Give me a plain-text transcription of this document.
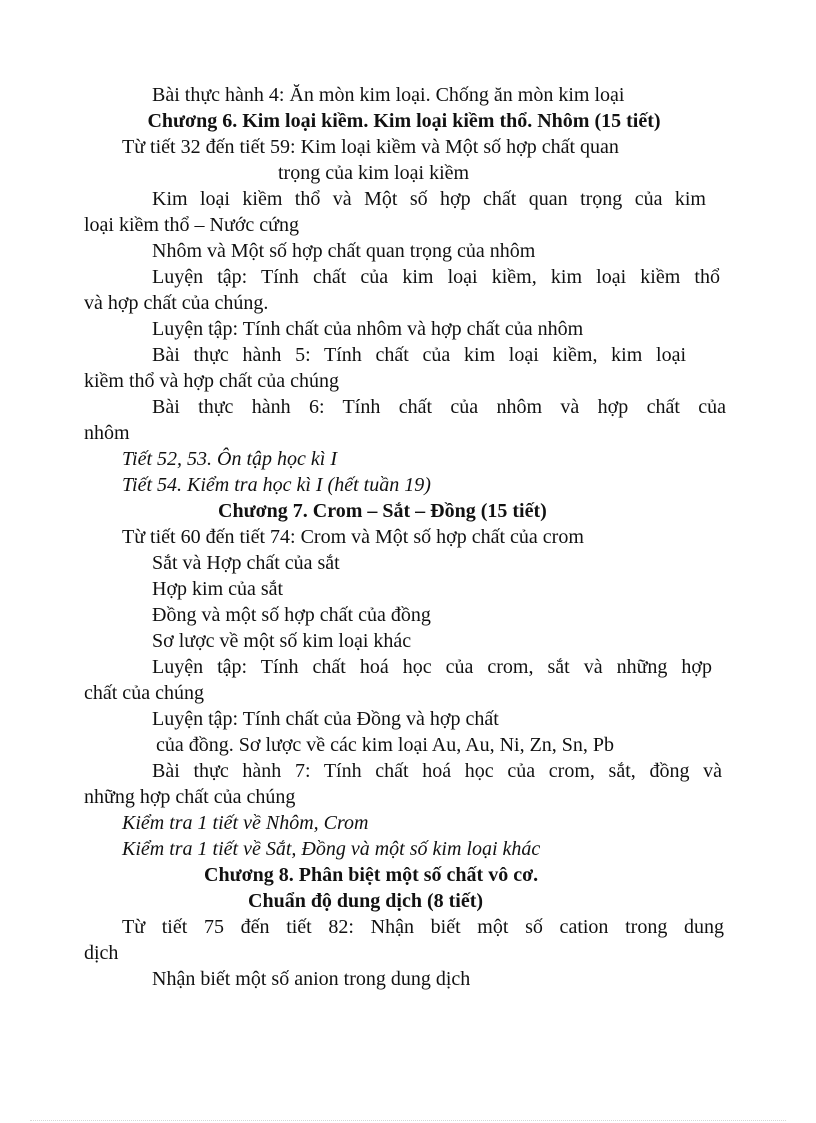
Bài thực hành 4: Ăn mòn kim loại. Chống ăn mòn kim loại
Chương 6. Kim loại kiềm. Kim loại kiềm thổ. Nhôm (15 tiết)
Từ tiết 32 đến tiết 59: Kim loại kiềm và Một số hợp chất quan
trọng của kim loại kiềm
Kim loại kiềm thổ và Một số hợp chất quan trọng của kim
loại kiềm thổ – Nước cứng
Nhôm và Một số hợp chất quan trọng của nhôm
Luyện tập: Tính chất của kim loại kiềm, kim loại kiềm thổ
và hợp chất của chúng.
Luyện tập: Tính chất của nhôm và hợp chất của nhôm
Bài thực hành 5: Tính chất của kim loại kiềm, kim loại
kiềm thổ và hợp chất của chúng
Bài thực hành 6: Tính chất của nhôm và hợp chất của
nhôm
Tiết 52, 53. Ôn tập học kì I
Tiết 54. Kiểm tra học kì I (hết tuần 19)
Chương 7. Crom – Sắt – Đồng (15 tiết)
Từ tiết 60 đến tiết 74: Crom và Một số hợp chất của crom
Sắt và Hợp chất của sắt
Hợp kim của sắt
Đồng và một số hợp chất của đồng
Sơ lược về một số kim loại khác
Luyện tập: Tính chất hoá học của crom, sắt và những hợp
chất của chúng
Luyện tập: Tính chất của Đồng và hợp chất
của đồng. Sơ lược về các kim loại Au, Au, Ni, Zn, Sn, Pb
Bài thực hành 7: Tính chất hoá học của crom, sắt, đồng và
những hợp chất của chúng
Kiểm tra 1 tiết về Nhôm, Crom
Kiểm tra 1 tiết về Sắt, Đồng và một số kim loại khác
Chương 8. Phân biệt một số chất vô cơ.
Chuẩn độ dung dịch (8 tiết)
Từ tiết 75 đến tiết 82: Nhận biết một số cation trong dung
dịch
Nhận biết một số anion trong dung dịch
